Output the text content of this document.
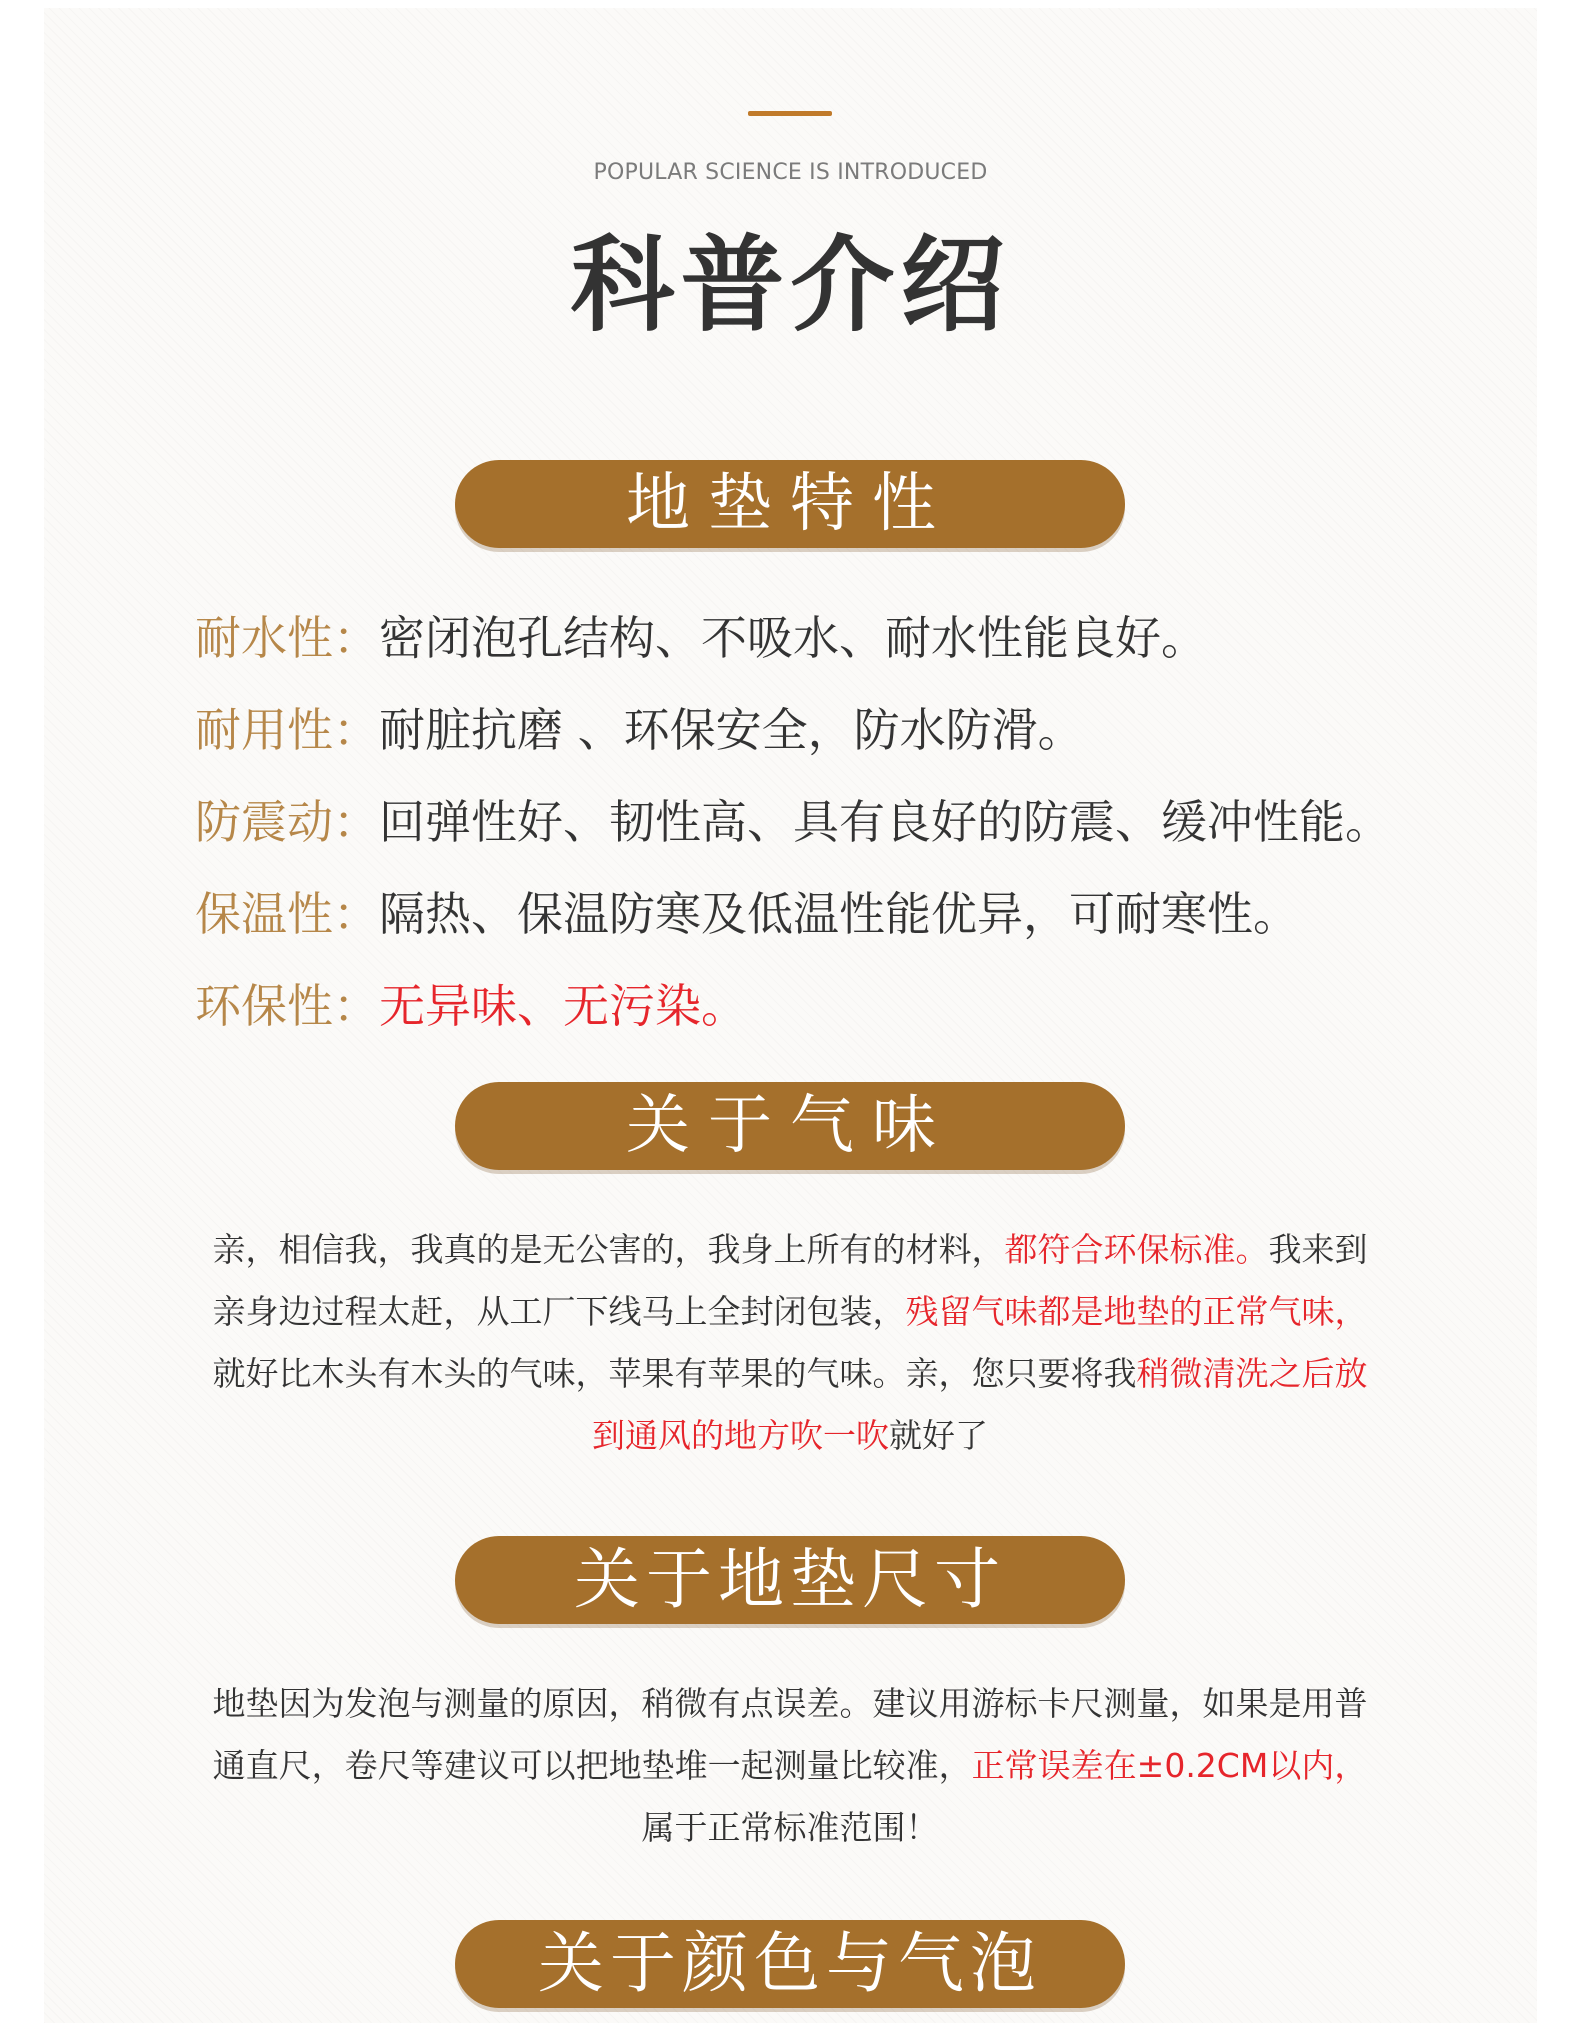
POPULAR SCIENCE IS INTRODUCED
科普介绍
地垫特性
耐水性：密闭泡孔结构、不吸水、耐水性能良好。
耐用性：耐脏抗磨 、环保安全，防水防滑。
防震动：回弹性好、韧性高、具有良好的防震、缓冲性能。
保温性：隔热、保温防寒及低温性能优异，可耐寒性。
环保性：无异味、无污染。
关于气味
亲，相信我，我真的是无公害的，我身上所有的材料，都符合环保标准。我来到
亲身边过程太赶，从工厂下线马上全封闭包装，残留气味都是地垫的正常气味，
就好比木头有木头的气味，苹果有苹果的气味。亲，您只要将我稍微清洗之后放
到通风的地方吹一吹就好了
关于地垫尺寸
地垫因为发泡与测量的原因，稍微有点误差。建议用游标卡尺测量，如果是用普
通直尺，卷尺等建议可以把地垫堆一起测量比较准，正常误差在±0.2CM以内，
属于正常标准范围！
关于颜色与气泡
